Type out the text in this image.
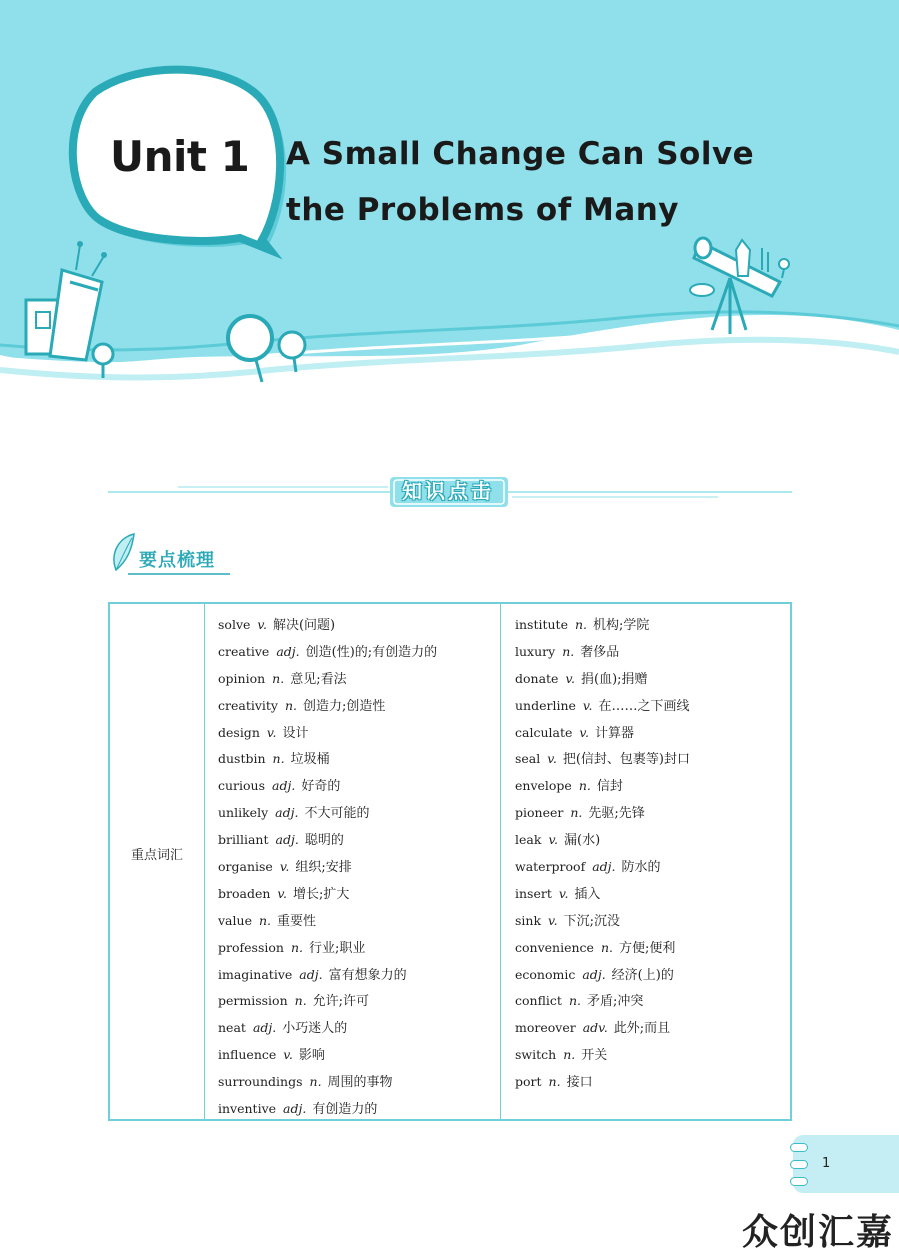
Unit 1 A Small Change Can Solve
the Problems of Many
知识点击
要点梳理
重点词汇
solve v. 解决(问题)
creative adj. 创造(性)的;有创造力的
opinion n. 意见;看法
creativity n. 创造力;创造性
design v. 设计
dustbin n. 垃圾桶
curious adj. 好奇的
unlikely adj. 不大可能的
brilliant adj. 聪明的
organise v. 组织;安排
broaden v. 增长;扩大
value n. 重要性
profession n. 行业;职业
imaginative adj. 富有想象力的
permission n. 允许;许可
neat adj. 小巧迷人的
influence v. 影响
surroundings n. 周围的事物
inventive adj. 有创造力的
institute n. 机构;学院
luxury n. 奢侈品
donate v. 捐(血);捐赠
underline v. 在……之下画线
calculate v. 计算器
seal v. 把(信封、包裹等)封口
envelope n. 信封
pioneer n. 先驱;先锋
leak v. 漏(水)
waterproof adj. 防水的
insert v. 插入
sink v. 下沉;沉没
convenience n. 方便;便利
economic adj. 经济(上)的
conflict n. 矛盾;冲突
moreover adv. 此外;而且
switch n. 开关
port n. 接口
1
众创汇嘉
